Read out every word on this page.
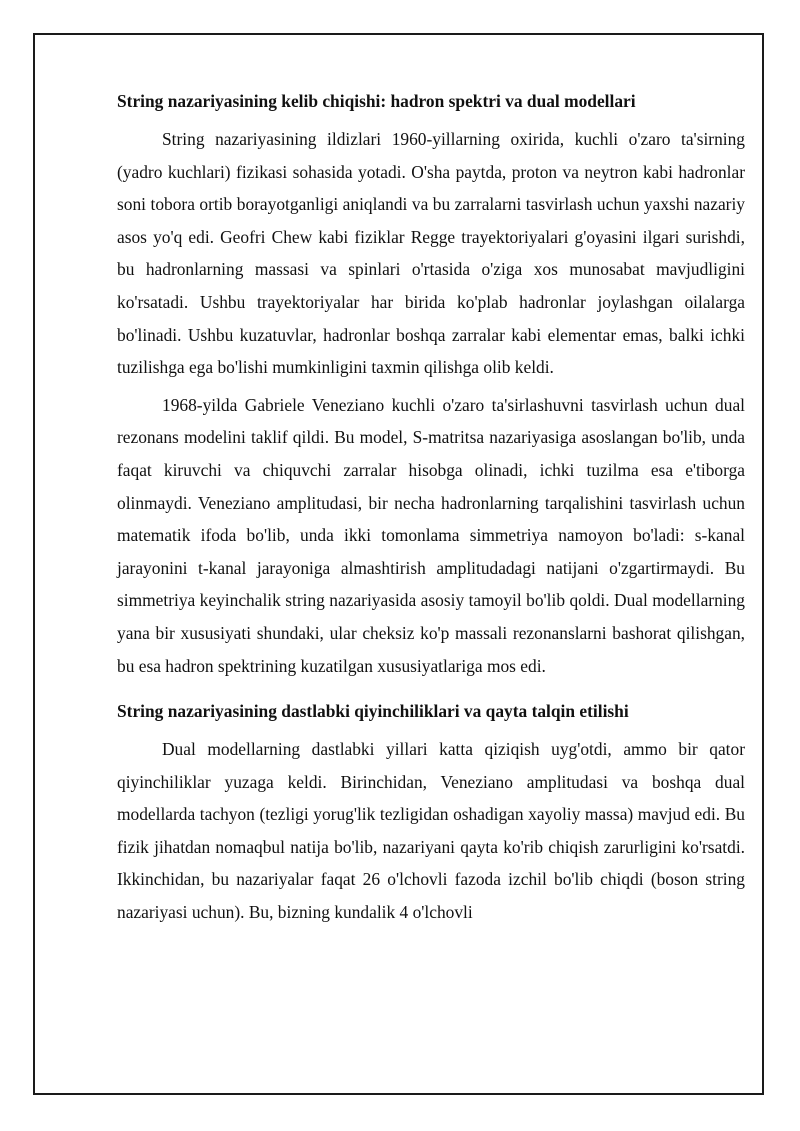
String nazariyasining kelib chiqishi: hadron spektri va dual modellari

String nazariyasining ildizlari 1960-yillarning oxirida, kuchli o'zaro ta'sirning (yadro kuchlari) fizikasi sohasida yotadi. O'sha paytda, proton va neytron kabi hadronlar soni tobora ortib borayotganligi aniqlandi va bu zarralarni tasvirlash uchun yaxshi nazariy asos yo'q edi. Geofri Chew kabi fiziklar Regge trayektoriyalari g'oyasini ilgari surishdi, bu hadronlarning massasi va spinlari o'rtasida o'ziga xos munosabat mavjudligini ko'rsatadi. Ushbu trayektoriyalar har birida ko'plab hadronlar joylashgan oilalarga bo'linadi. Ushbu kuzatuvlar, hadronlar boshqa zarralar kabi elementar emas, balki ichki tuzilishga ega bo'lishi mumkinligini taxmin qilishga olib keldi.

1968-yilda Gabriele Veneziano kuchli o'zaro ta'sirlashuvni tasvirlash uchun dual rezonans modelini taklif qildi. Bu model, S-matritsa nazariyasiga asoslangan bo'lib, unda faqat kiruvchi va chiquvchi zarralar hisobga olinadi, ichki tuzilma esa e'tiborga olinmaydi. Veneziano amplitudasi, bir necha hadronlarning tarqalishini tasvirlash uchun matematik ifoda bo'lib, unda ikki tomonlama simmetriya namoyon bo'ladi: s-kanal jarayonini t-kanal jarayoniga almashtirish amplitudadagi natijani o'zgartirmaydi. Bu simmetriya keyinchalik string nazariyasida asosiy tamoyil bo'lib qoldi. Dual modellarning yana bir xususiyati shundaki, ular cheksiz ko'p massali rezonanslarni bashorat qilishgan, bu esa hadron spektrining kuzatilgan xususiyatlariga mos edi.

String nazariyasining dastlabki qiyinchiliklari va qayta talqin etilishi

Dual modellarning dastlabki yillari katta qiziqish uyg'otdi, ammo bir qator qiyinchiliklar yuzaga keldi. Birinchidan, Veneziano amplitudasi va boshqa dual modellarda tachyon (tezligi yorug'lik tezligidan oshadigan xayoliy massa) mavjud edi. Bu fizik jihatdan nomaqbul natija bo'lib, nazariyani qayta ko'rib chiqish zarurligini ko'rsatdi. Ikkinchidan, bu nazariyalar faqat 26 o'lchovli fazoda izchil bo'lib chiqdi (boson string nazariyasi uchun). Bu, bizning kundalik 4 o'lchovli
